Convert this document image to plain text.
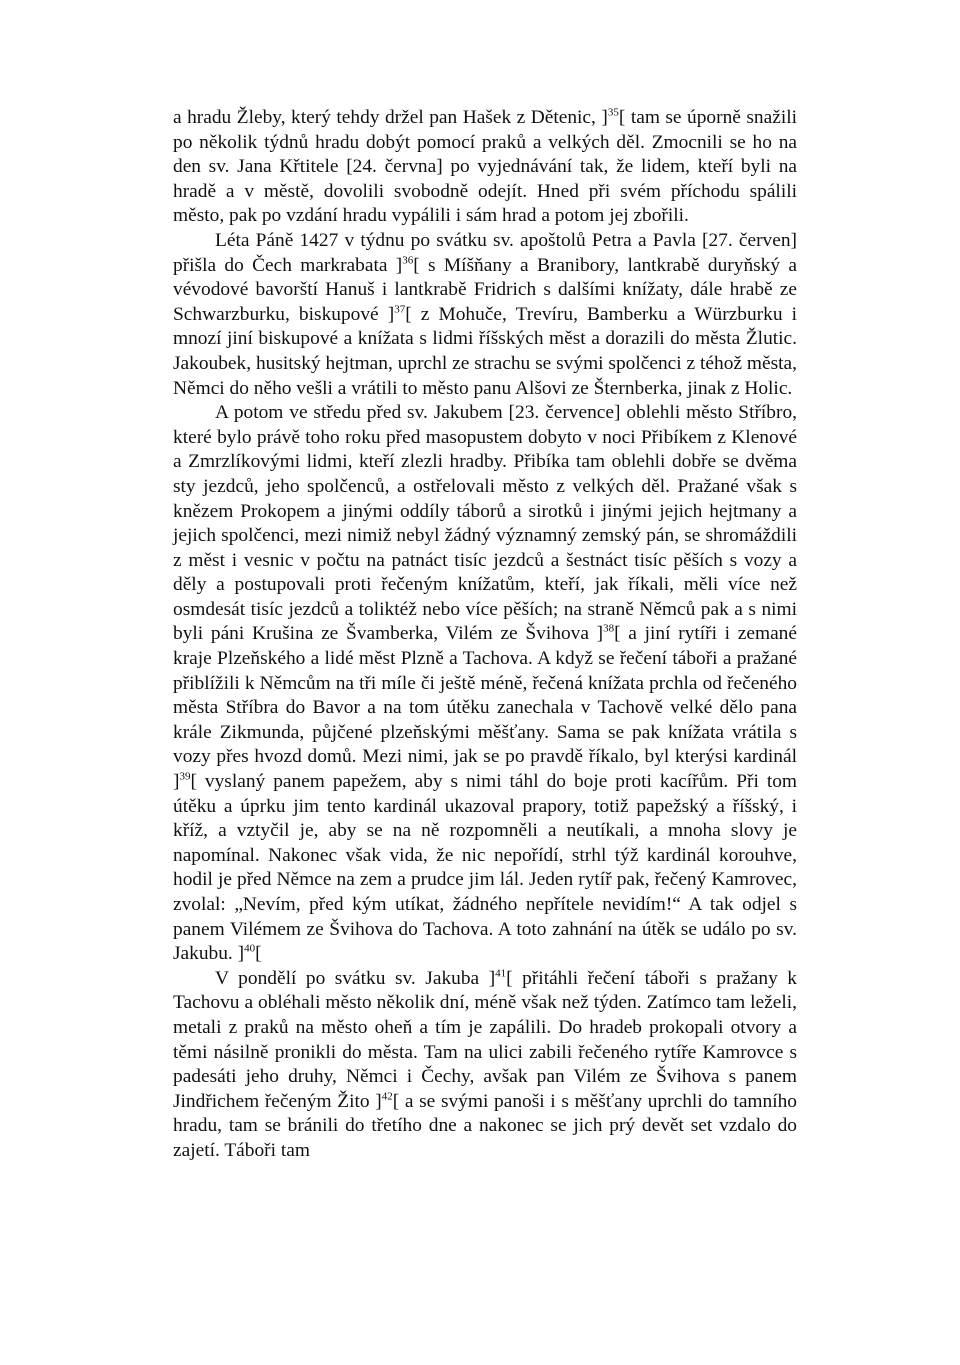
a hradu Žleby, který tehdy držel pan Hašek z Dětenic, ]$^{35}$[ tam se úporně snažili po několik týdnů hradu dobýt pomocí praků a velkých děl. Zmocnili se ho na den sv. Jana Křtitele [24. června] po vyjednávání tak, že lidem, kteří byli na hradě a v městě, dovolili svobodně odejít. Hned při svém příchodu spálili město, pak po vzdání hradu vypálili i sám hrad a potom jej zbořili.

Léta Páně 1427 v týdnu po svátku sv. apoštolů Petra a Pavla [27. červen] přišla do Čech markrabata ]$^{36}$[ s Míšňany a Branibory, lantkrabě duryňský a vévodové bavorští Hanuš i lantkrabě Fridrich s dalšími knížaty, dále hrabě ze Schwarzburku, biskupové ]$^{37}$[ z Mohuče, Trevíru, Bamberku a Würzburku i mnozí jiní biskupové a knížata s lidmi říšských měst a dorazili do města Žlutic. Jakoubek, husitský hejtman, uprchl ze strachu se svými spolčenci z téhož města, Němci do něho vešli a vrátili to město panu Alšovi ze Šternberka, jinak z Holic.

A potom ve středu před sv. Jakubem [23. července] oblehli město Stříbro, které bylo právě toho roku před masopustem dobyto v noci Přibíkem z Klenové a Zmrzlíkovými lidmi, kteří zlezli hradby. Přibíka tam oblehli dobře se dvěma sty jezdců, jeho spolčenců, a ostřelovali město z velkých děl. Pražané však s knězem Prokopem a jinými oddíly táborů a sirotků i jinými jejich hejtmany a jejich spolčenci, mezi nimiž nebyl žádný významný zemský pán, se shromáždili z měst i vesnic v počtu na patnáct tisíc jezdců a šestnáct tisíc pěších s vozy a děly a postupovali proti řečeným knížatům, kteří, jak říkali, měli více než osmdesát tisíc jezdců a toliktéž nebo více pěších; na straně Němců pak a s nimi byli páni Krušina ze Švamberka, Vilém ze Švihova ]$^{38}$[ a jiní rytíři i zemané kraje Plzeňského a lidé měst Plzně a Tachova. A když se řečení tábořі a pražané přiblížili k Němcům na tři míle či ještě méně, řečená knížata prchla od řečeného města Stříbra do Bavor a na tom útěku zanechala v Tachově velké dělo pana krále Zikmunda, půjčené plzeňskými měšťany. Sama se pak knížata vrátila s vozy přes hvozd domů. Mezi nimi, jak se po pravdě říkalo, byl kterýsi kardinál ]$^{39}$[ vyslaný panem papežem, aby s nimi táhl do boje proti kacířům. Při tom útěku a úprku jim tento kardinál ukazoval prapory, totiž papežský a říšský, i kříž, a vztyčil je, aby se na ně rozpomněli a neutíkali, a mnoha slovy je napomínal. Nakonec však vida, že nic nepořídí, strhl týž kardinál korouhve, hodil je před Němce na zem a prudce jim lál. Jeden rytíř pak, řečený Kamrovec, zvolal: „Nevím, před kým utíkat, žádného nepřítele nevidím!“ A tak odjel s panem Vilémem ze Švihova do Tachova. A toto zahnání na útěk se událo po sv. Jakubu. ]$^{40}$[

V pondělí po svátku sv. Jakuba ]$^{41}$[ přitáhli řečení tábořі s pražany k Tachovu a obléhali město několik dní, méně však než týden. Zatímco tam leželi, metali z praků na město oheň a tím je zapálili. Do hradeb prokopali otvory a těmi násilně pronikli do města. Tam na ulici zabili řečeného rytíře Kamrovce s padesáti jeho druhy, Němci i Čechy, avšak pan Vilém ze Švihova s panem Jindřichem řečeným Žito ]$^{42}$[ a se svými panoši i s měšťany uprchli do tamního hradu, tam se bránili do třetího dne a nakonec se jich prý devět set vzdalo do zajetí. Tábořі tam
